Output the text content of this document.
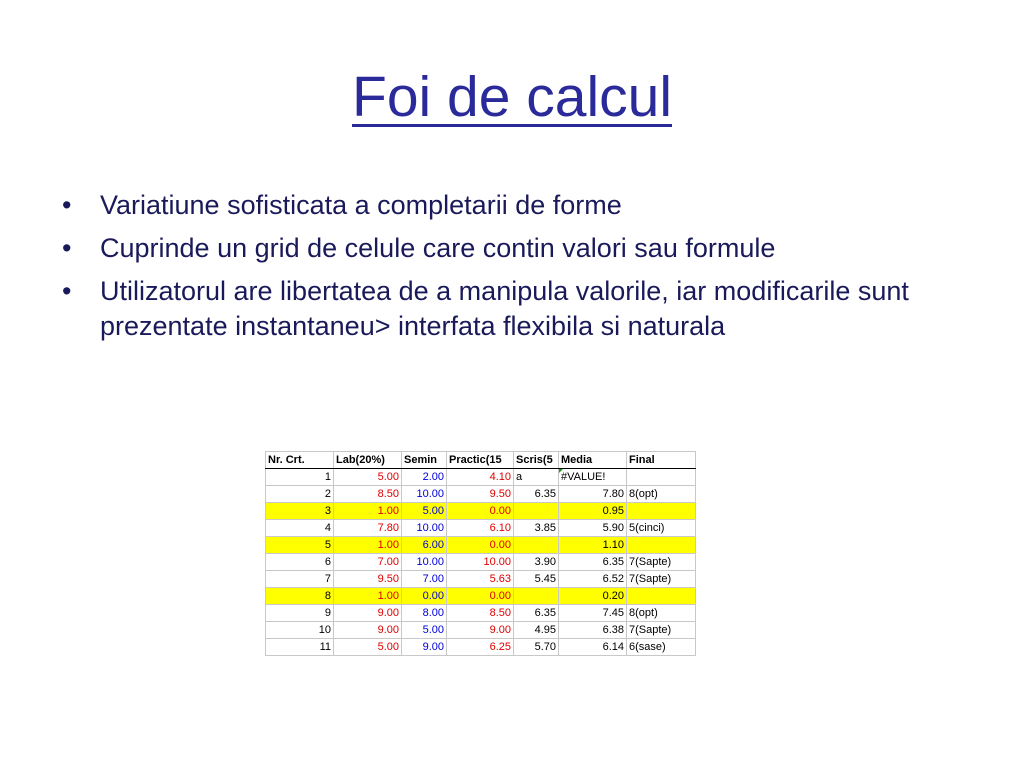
Foi de calcul
• Variatiune sofisticata a completarii de forme
• Cuprinde un grid de celule care contin valori sau formule
• Utilizatorul are libertatea de a manipula valorile, iar modificarile sunt prezentate instantaneu> interfata flexibila si naturala
Nr. Crt.	Lab(20%)	Semin	Practic(15	Scris(5	Media	Final
1	5.00	2.00	4.10	a	#VALUE!	
2	8.50	10.00	9.50	6.35	7.80	8(opt)
3	1.00	5.00	0.00		0.95	
4	7.80	10.00	6.10	3.85	5.90	5(cinci)
5	1.00	6.00	0.00		1.10	
6	7.00	10.00	10.00	3.90	6.35	7(Sapte)
7	9.50	7.00	5.63	5.45	6.52	7(Sapte)
8	1.00	0.00	0.00		0.20	
9	9.00	8.00	8.50	6.35	7.45	8(opt)
10	9.00	5.00	9.00	4.95	6.38	7(Sapte)
11	5.00	9.00	6.25	5.70	6.14	6(sase)
